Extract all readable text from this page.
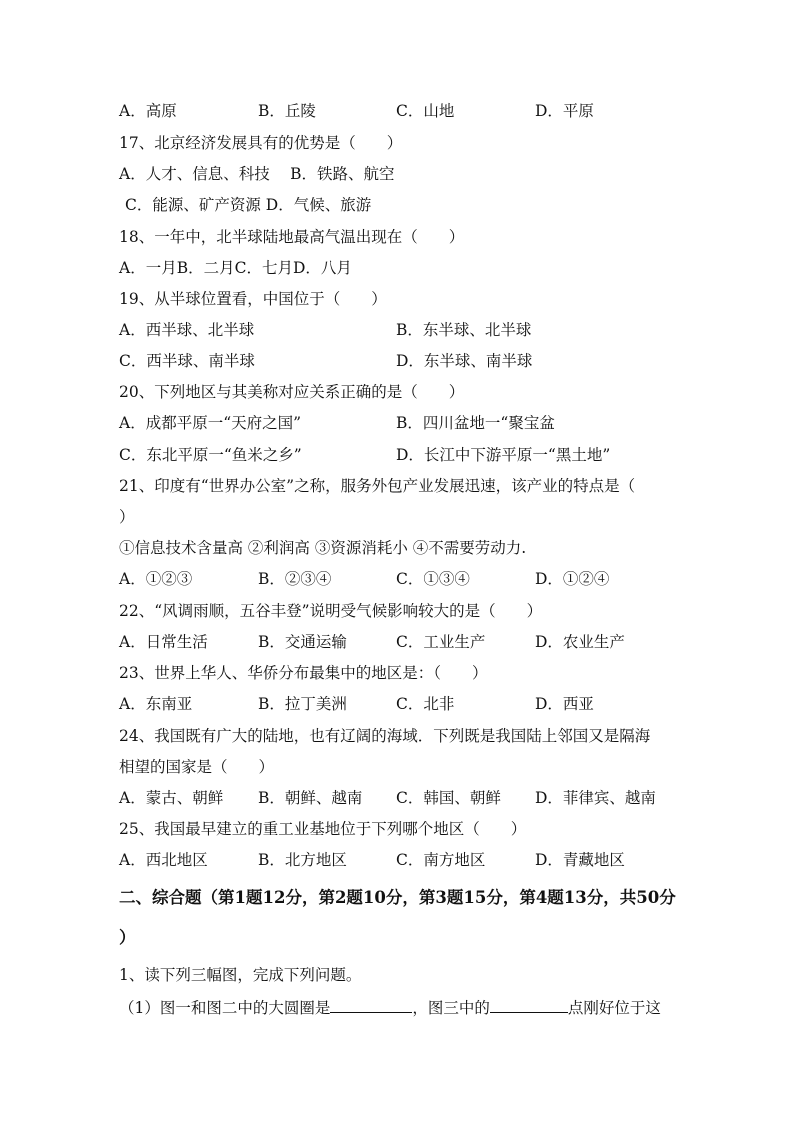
A．高原	B．丘陵	C．山地	D．平原
17、北京经济发展具有的优势是（　　）
A．人才、信息、科技　 B．铁路、航空
C．能源、矿产资源 D．气候、旅游
18、一年中，北半球陆地最高气温出现在（　　）
A．一月B．二月C．七月D．八月
19、从半球位置看，中国位于（　　）
A．西半球、北半球	B．东半球、北半球
C．西半球、南半球	D．东半球、南半球
20、下列地区与其美称对应关系正确的是（　　）
A．成都平原一“天府之国”	B．四川盆地一“聚宝盆
C．东北平原一“鱼米之乡”	D．长江中下游平原一“黑土地”
21、印度有“世界办公室”之称，服务外包产业发展迅速，该产业的特点是（
）
①信息技术含量高 ②利润高 ③资源消耗小 ④不需要劳动力.
A．①②③	B．②③④	C．①③④	D．①②④
22、“风调雨顺，五谷丰登”说明受气候影响较大的是（　　）
A．日常生活	B．交通运输	C．工业生产	D．农业生产
23、世界上华人、华侨分布最集中的地区是：（　　）
A．东南亚	B．拉丁美洲	C．北非	D．西亚
24、我国既有广大的陆地，也有辽阔的海域．下列既是我国陆上邻国又是隔海
相望的国家是（　　）
A．蒙古、朝鲜 B．朝鲜、越南 C．韩国、朝鲜 D．菲律宾、越南
25、我国最早建立的重工业基地位于下列哪个地区（　　）
A．西北地区	B．北方地区	C．南方地区	D．青藏地区
二、综合题（第1题12分，第2题10分，第3题15分，第4题13分，共50分
）
1、读下列三幅图，完成下列问题。
（1）图一和图二中的大圆圈是	，图三中的	点刚好位于这
